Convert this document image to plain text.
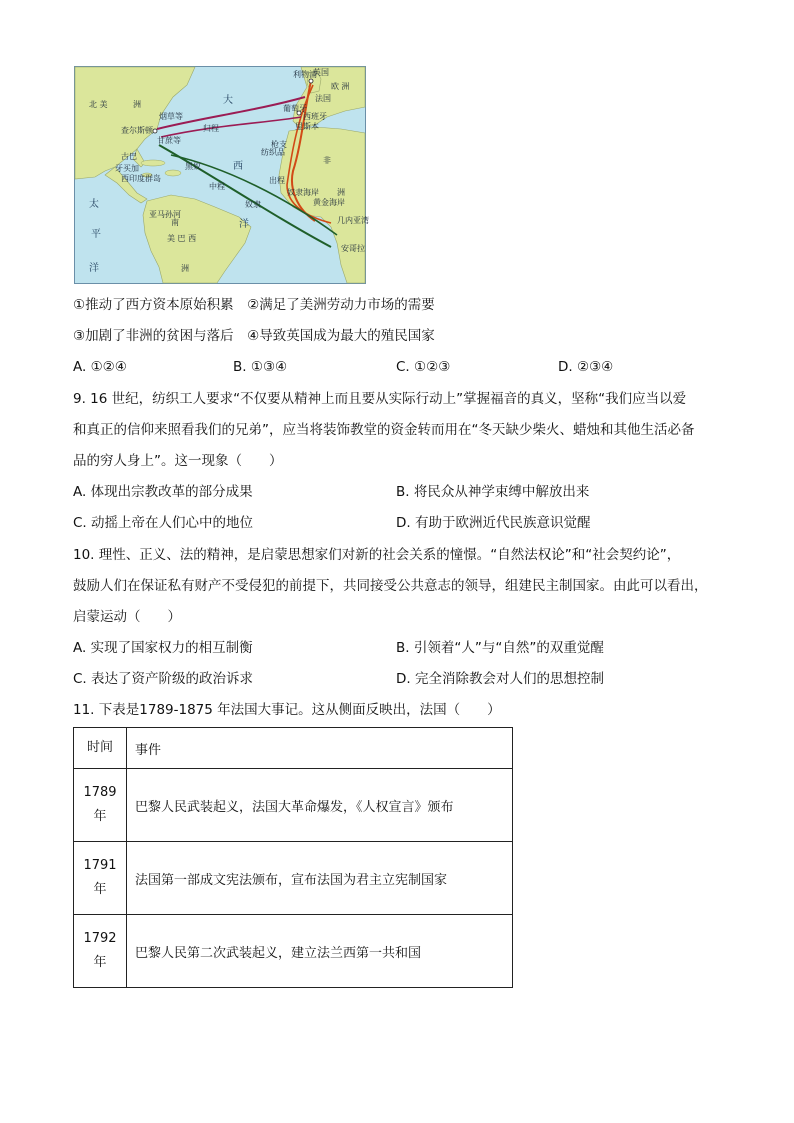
北 美	洲	大
欧 洲
查尔斯顿
古巴
牙买加
西印度群岛
西
非
洲
洋
利物浦
英国
法国
葡萄牙
西班牙
里斯本
归程
中程
出程
奴隶海岸
黄金海岸
几内亚湾
安哥拉
南
美 巴 西
洲
太
平
洋
亚马孙河
烟草等
甘蔗等	枪支
奴隶
黑奴
纺织品
①推动了西方资本原始积累　②满足了美洲劳动力市场的需要
③加剧了非洲的贫困与落后　④导致英国成为最大的殖民国家
A. ①②④	B. ①③④	C. ①②③	D. ②③④
9. 16 世纪，纺织工人要求“不仅要从精神上而且要从实际行动上”掌握福音的真义，坚称“我们应当以爱
和真正的信仰来照看我们的兄弟”，应当将装饰教堂的资金转而用在“冬天缺少柴火、蜡烛和其他生活必备
品的穷人身上”。这一现象（　　）
A. 体现出宗教改革的部分成果	B. 将民众从神学束缚中解放出来
C. 动摇上帝在人们心中的地位	D. 有助于欧洲近代民族意识觉醒
10. 理性、正义、法的精神，是启蒙思想家们对新的社会关系的憧憬。“自然法权论”和“社会契约论”，
鼓励人们在保证私有财产不受侵犯的前提下，共同接受公共意志的领导，组建民主制国家。由此可以看出，
启蒙运动（　　）
A. 实现了国家权力的相互制衡	B. 引领着“人”与“自然”的双重觉醒
C. 表达了资产阶级的政治诉求	D. 完全消除教会对人们的思想控制
11. 下表是1789-1875 年法国大事记。这从侧面反映出，法国（　　）
时间	事件

1789
年	巴黎人民武装起义，法国大革命爆发，《人权宣言》颁布

1791
年	法国第一部成文宪法颁布，宣布法国为君主立宪制国家

1792
年	巴黎人民第二次武装起义，建立法兰西第一共和国
